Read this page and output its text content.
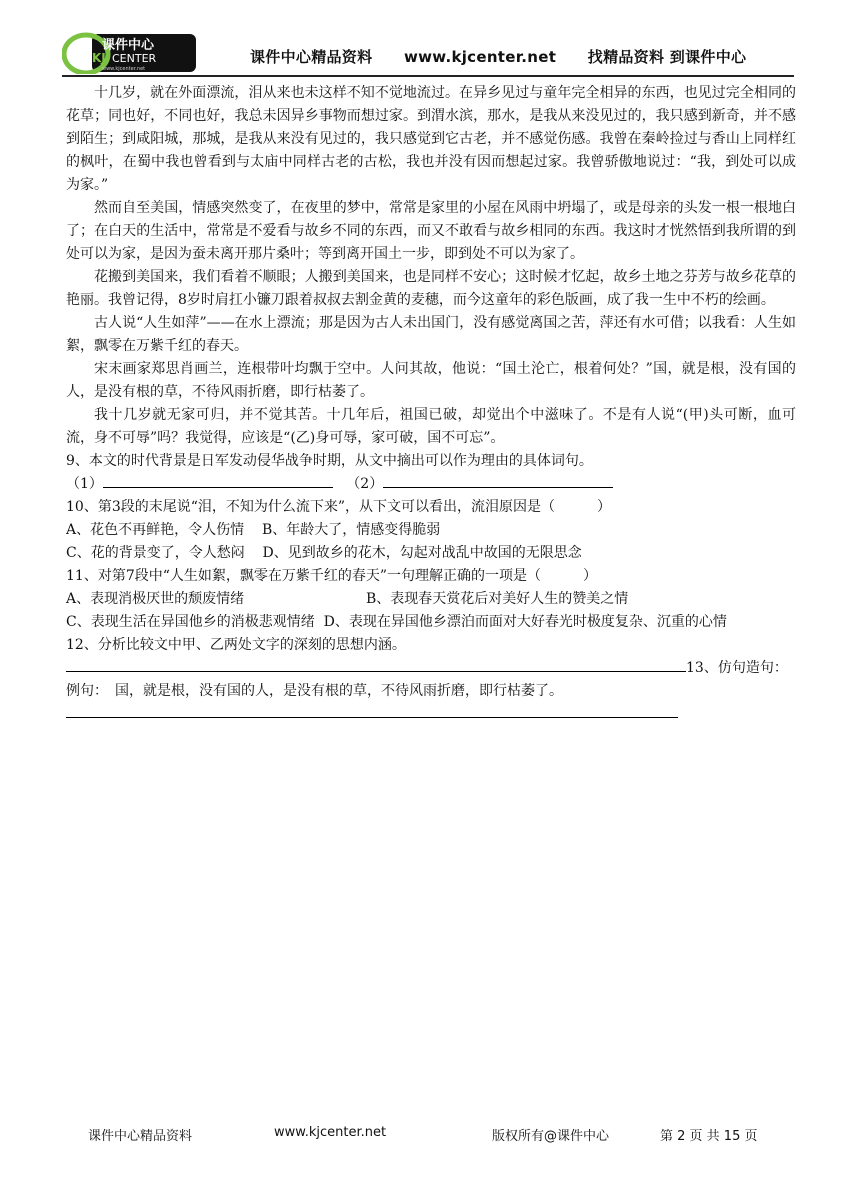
课件中心
KJ CENTER
www.kjcenter.net
课件中心精品资料 www.kjcenter.net 找精品资料 到课件中心

十几岁，就在外面漂流，泪从来也未这样不知不觉地流过。在异乡见过与童年完全相异的东西，也见过完全相同的花草；同也好，不同也好，我总未因异乡事物而想过家。到渭水滨，那水，是我从来没见过的，我只感到新奇，并不感到陌生；到咸阳城，那城，是我从来没有见过的，我只感觉到它古老，并不感觉伤感。我曾在秦岭捡过与香山上同样红的枫叶，在蜀中我也曾看到与太庙中同样古老的古松，我也并没有因而想起过家。我曾骄傲地说过：“我，到处可以成为家。”

然而自至美国，情感突然变了，在夜里的梦中，常常是家里的小屋在风雨中坍塌了，或是母亲的头发一根一根地白了；在白天的生活中，常常是不爱看与故乡不同的东西，而又不敢看与故乡相同的东西。我这时才恍然悟到我所谓的到处可以为家，是因为蚕未离开那片桑叶；等到离开国土一步，即到处不可以为家了。

花搬到美国来，我们看着不顺眼；人搬到美国来，也是同样不安心；这时候才忆起，故乡土地之芬芳与故乡花草的艳丽。我曾记得，8岁时肩扛小镰刀跟着叔叔去割金黄的麦穗，而今这童年的彩色版画，成了我一生中不朽的绘画。

古人说“人生如萍”——在水上漂流；那是因为古人未出国门，没有感觉离国之苦，萍还有水可借；以我看：人生如絮，飘零在万紫千红的春天。

宋末画家郑思肖画兰，连根带叶均飘于空中。人问其故，他说：“国土沦亡，根着何处？”国，就是根，没有国的人，是没有根的草，不待风雨折磨，即行枯萎了。

我十几岁就无家可归，并不觉其苦。十几年后，祖国已破，却觉出个中滋味了。不是有人说“(甲)头可断，血可流，身不可辱”吗？我觉得，应该是“(乙)身可辱，家可破，国不可忘”。

9、本文的时代背景是日军发动侵华战争时期，从文中摘出可以作为理由的具体词句。

（1）	（2）

10、第3段的末尾说“泪，不知为什么流下来”，从下文可以看出，流泪原因是（　　　）

A、花色不再鲜艳，令人伤情 B、年龄大了，情感变得脆弱

C、花的背景变了，令人愁闷 D、见到故乡的花木，勾起对战乱中故国的无限思念

11、对第7段中“人生如絮，飘零在万紫千红的春天”一句理解正确的一项是（　　　）

A、表现消极厌世的颓废情绪	B、表现春天赏花后对美好人生的赞美之情

C、表现生活在异国他乡的消极悲观情绪 D、表现在异国他乡漂泊而面对大好春光时极度复杂、沉重的心情

12、分析比较文中甲、乙两处文字的深刻的思想内涵。

13、仿句造句：

例句：　国，就是根，没有国的人，是没有根的草，不待风雨折磨，即行枯萎了。

课件中心精品资料	www.kjcenter.net	版权所有@课件中心	第 2 页 共 15 页
